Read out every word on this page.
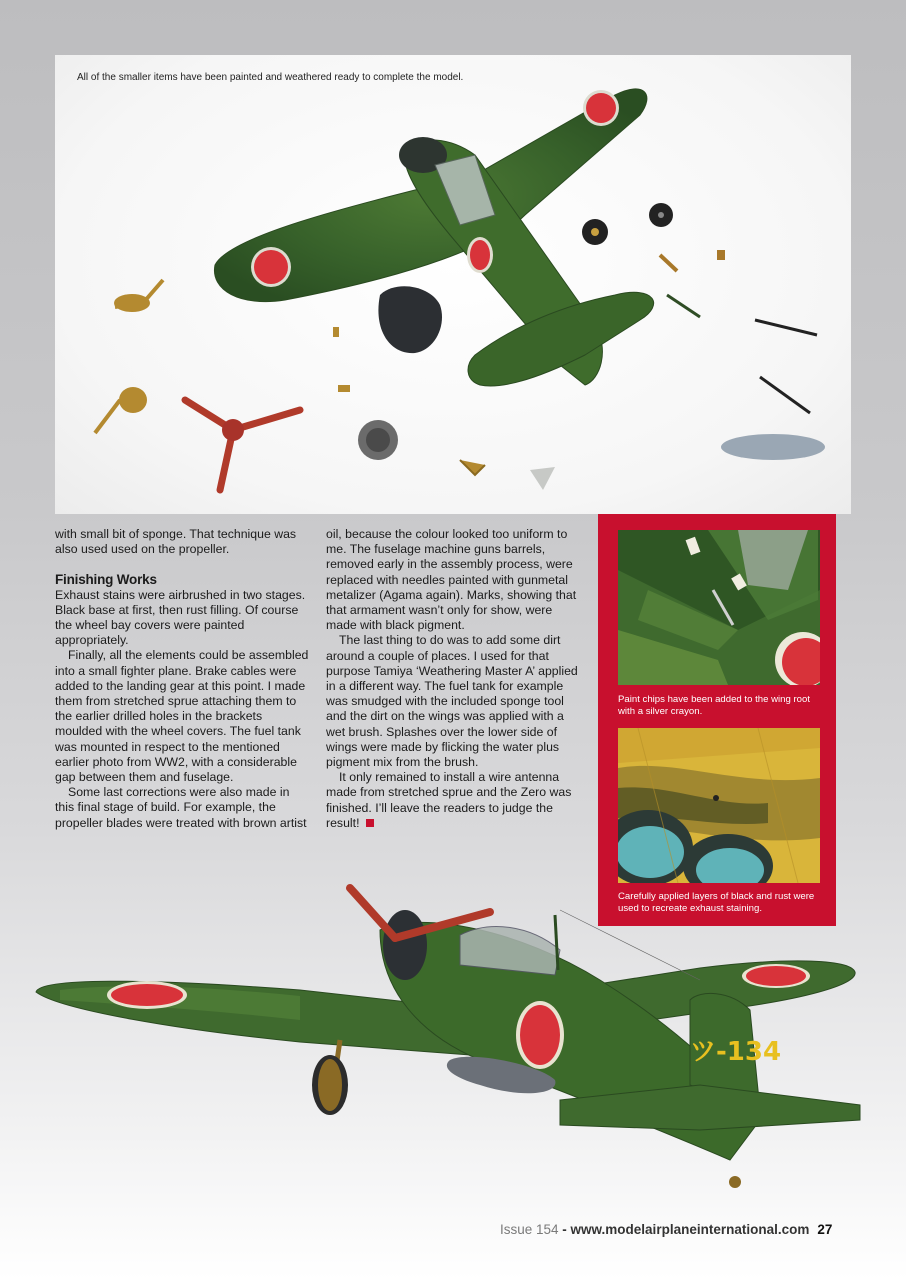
All of the smaller items have been painted and weathered ready to complete the model.

with small bit of sponge. That technique was also used used on the propeller.

Finishing Works

Exhaust stains were airbrushed in two stages. Black base at first, then rust filling. Of course the wheel bay covers were painted appropriately.

Finally, all the elements could be assembled into a small fighter plane. Brake cables were added to the landing gear at this point. I made them from stretched sprue attaching them to the earlier drilled holes in the brackets moulded with the wheel covers. The fuel tank was mounted in respect to the mentioned earlier photo from WW2, with a considerable gap between them and fuselage.

Some last corrections were also made in this final stage of build. For example, the propeller blades were treated with brown artist

oil, because the colour looked too uniform to me. The fuselage machine guns barrels, removed early in the assembly process, were replaced with needles painted with gunmetal metalizer (Agama again). Marks, showing that that armament wasn’t only for show, were made with black pigment.

The last thing to do was to add some dirt around a couple of places. I used for that purpose Tamiya ‘Weathering Master A’ applied in a different way. The fuel tank for example was smudged with the included sponge tool and the dirt on the wings was applied with a wet brush. Splashes over the lower side of wings were made by flicking the water plus pigment mix from the brush.

It only remained to install a wire antenna made from stretched sprue and the Zero was finished. I’ll leave the readers to judge the result!

Paint chips have been added to the wing root with a silver crayon.
Carefully applied layers of black and rust were used to recreate exhaust staining.
ツ-134
Issue 154 - www.modelairplaneinternational.com 27
